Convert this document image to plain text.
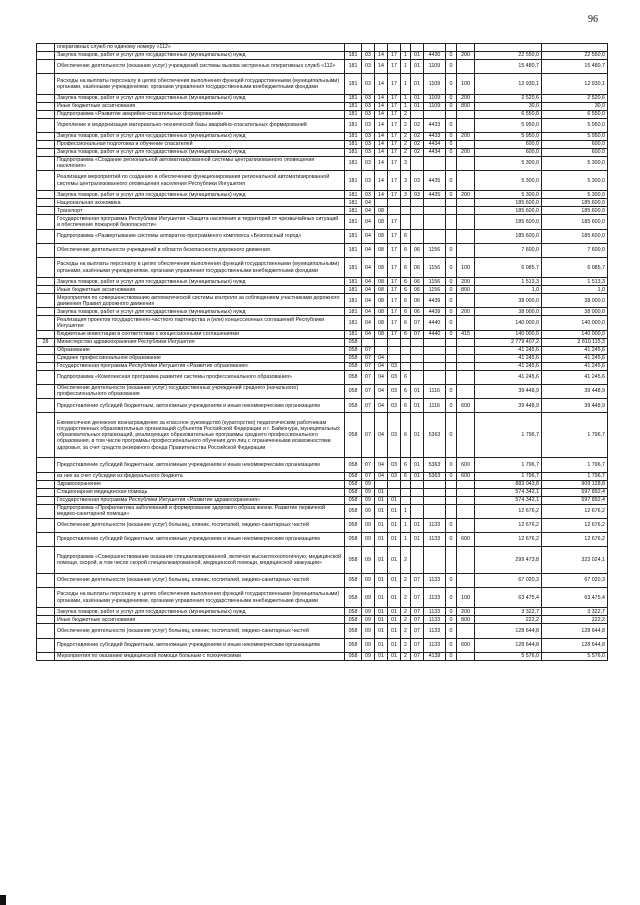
96
	оперативных служб по единому номеру «112»											
	Закупка товаров, работ и услуг для государственных (муниципальных) нужд	181	03	14	17	1	01	4430	0	200	22 550,0	22 550,0
	Обеспечение деятельности (оказание услуг) учреждений системы вызова экстренных оперативных служб «112»	181	03	14	17	1	01	1109	0		15 480,7	15 480,7
	Расходы на выплаты персоналу в целях обеспечения выполнения функций государственными (муниципальными) органами, казёнными учреждениями, органами управления государственными внебюджетными фондами	181	03	14	17	1	01	1109	0	100	12 930,1	12 930,1
	Закупка товаров, работ и услуг для государственных (муниципальных) нужд	181	03	14	17	1	01	1109	0	200	2 520,6	2 520,6
	Иные бюджетные ассигнования	181	03	14	17	1	01	1109	0	800	30,0	30,0
	Подпрограмма «Развитие аварийно-спасательных формирований»	181	03	14	17	2					6 550,0	6 550,0
	Укрепление и модернизация материально-технической базы аварийно-спасательных формирований	181	03	14	17	2	02	4433	0		5 950,0	5 950,0
	Закупка товаров, работ и услуг для государственных (муниципальных) нужд	181	03	14	17	2	02	4433	0	200	5 950,0	5 950,0
	Профессиональная подготовка и обучение спасателей	181	03	14	17	2	02	4434	0		600,0	600,0
	Закупка товаров, работ и услуг для государственных (муниципальных) нужд	181	03	14	17	2	02	4434	0	200	600,0	600,0
	Подпрограмма «Создание региональной автоматизированной системы централизованного оповещения населения»	181	03	14	17	3					5 300,0	5 300,0
	Реализация мероприятий по созданию и обеспечению функционирования региональной автоматизированной системы централизованного оповещения населения Республики Ингушетия	181	03	14	17	3	03	4435	0		5 300,0	5 300,0
	Закупка товаров, работ и услуг для государственных (муниципальных) нужд	181	03	14	17	3	03	4435	0	200	5 300,0	5 300,0
	Национальная экономика	181	04								185 600,0	185 600,0
	Транспорт	181	04	08							185 600,0	185 600,0
	Государственная программа Республики Ингушетия «Защита населения и территорий от чрезвычайных ситуаций и обеспечение пожарной безопасности»	181	04	08	17						185 600,0	185 600,0
	Подпрограмма «Развертывание системы аппаратно-программного комплекса «Безопасный город»	181	04	08	17	6					185 600,0	185 600,0
	Обеспечение деятельности учреждений в области безопасности дорожного движения	181	04	08	17	6	06	1156	0		7 600,0	7 600,0
	Расходы на выплаты персоналу в целях обеспечения выполнения функций государственными (муниципальными) органами, казёнными учреждениями, органами управления государственными внебюджетными фондами	181	04	08	17	6	06	1156	0	100	6 085,7	6 085,7
	Закупка товаров, работ и услуг для государственных (муниципальных) нужд	181	04	08	17	6	06	1156	0	200	1 513,3	1 513,3
	Иные бюджетные ассигнования	181	04	08	17	6	06	1156	0	800	1,0	1,0
	Мероприятия по совершенствованию автоматической системы контроля за соблюдением участниками дорожного движения Правил дорожного движения	181	04	08	17	6	06	4439	0		38 000,0	38 000,0
	Закупка товаров, работ и услуг для государственных (муниципальных) нужд	181	04	08	17	6	06	4439	0	200	38 000,0	38 000,0
	Реализация проектов государственно-частного партнерства и (или) концессионных соглашений Республики Ингушетия	181	04	08	17	6	07	4440	0		140 000,0	140 000,0
	Бюджетные инвестиции в соответствии с концессионными соглашениями	181	04	08	17	6	07	4440	0	415	140 000,0	140 000,0
28	Министерство здравоохранения Республики Ингушетия	058									2 779 407,2	2 810 115,3
	Образование	058	07								41 245,6	41 245,6
	Среднее профессиональное образование	058	07	04							41 245,6	41 245,6
	Государственная программа Республики Ингушетия «Развитие образования»	058	07	04	03						41 245,6	41 245,6
	Подпрограмма «Комплексная программа развития системы профессионального образования»	058	07	04	03	6					41 245,6	41 245,6
	Обеспечение деятельности (оказание услуг) государственных учреждений среднего (начального) профессионального образования	058	07	04	03	6	01	1116	0		39 448,9	39 448,9
	Предоставление субсидий бюджетным, автономным учреждениям и иным некоммерческим организациям	058	07	04	03	6	01	1116	0	600	39 448,9	39 448,9
	Ежемесячное денежное вознаграждение за классное руководство (кураторство) педагогическим работникам государственных образовательных организаций субъектов Российской Федерации и г. Байконура, муниципальных образовательных организаций, реализующих образовательные программы среднего профессионального образования, в том числе программы профессионального обучения для лиц с ограниченными возможностями здоровья, за счет средств резервного фонда Правительства Российской Федерации	058	07	04	03	6	01	5363	0		1 796,7	1 796,7
	Предоставление субсидий бюджетным, автономным учреждениям и иным некоммерческим организациям	058	07	04	03	6	01	5363	0	600	1 796,7	1 796,7
	из них за счет субсидии из федерального бюджета	058	07	04	03	6	01	5363	0	600	1 796,7	1 796,7
	Здравоохранение	058	09								883 043,8	909 128,8
	Стационарная медицинская помощь	058	09	01							574 342,1	597 892,4
	Государственная программа Республики Ингушетия «Развитие здравоохранения»	058	09	01	01						574 342,1	597 892,4
	Подпрограмма «Профилактика заболеваний и формирование здорового образа жизни. Развитие первичной медико-санитарной помощи»	058	09	01	01	1					12 676,2	12 676,2
	Обеспечение деятельности (оказание услуг) больниц, клиник, госпиталей, медико-санитарных частей	058	09	01	01	1	01	1133	0		12 676,2	12 676,2
	Предоставление субсидий бюджетным, автономным учреждениям и иным некоммерческим организациям	058	09	01	01	1	01	1133	0	600	12 676,2	12 676,2
	Подпрограмма «Совершенствование оказания специализированной, включая высокотехнологичную, медицинской помощи, скорой, в том числе скорой специализированной, медицинской помощи, медицинской эвакуации»	058	09	01	01	2					299 473,8	323 024,1
	Обеспечение деятельности (оказание услуг) больниц, клиник, госпиталей, медико-санитарных частей	058	09	01	01	2	07	1133	0		67 020,3	67 020,3
	Расходы на выплаты персоналу в целях обеспечения выполнения функций государственными (муниципальными) органами, казёнными учреждениями, органами управления государственными внебюджетными фондами	058	09	01	01	2	07	1133	0	100	63 475,4	63 475,4
	Закупка товаров, работ и услуг для государственных (муниципальных) нужд	058	09	01	01	2	07	1133	0	200	3 322,7	3 322,7
	Иные бюджетные ассигнования	058	09	01	01	2	07	1133	0	800	222,2	222,2
	Обеспечение деятельности (оказание услуг) больниц, клиник, госпиталей, медико-санитарных частей	058	09	01	01	2	07	1133	0		128 644,8	128 644,8
	Предоставление субсидий бюджетным, автономным учреждениям и иным некоммерческим организациям	058	09	01	01	2	07	1133	0	600	128 644,8	128 644,8
	Мероприятия по оказанию медицинской помощи больным с психическими	058	09	01	01	2	07	4139	0		5 576,0	5 576,0
